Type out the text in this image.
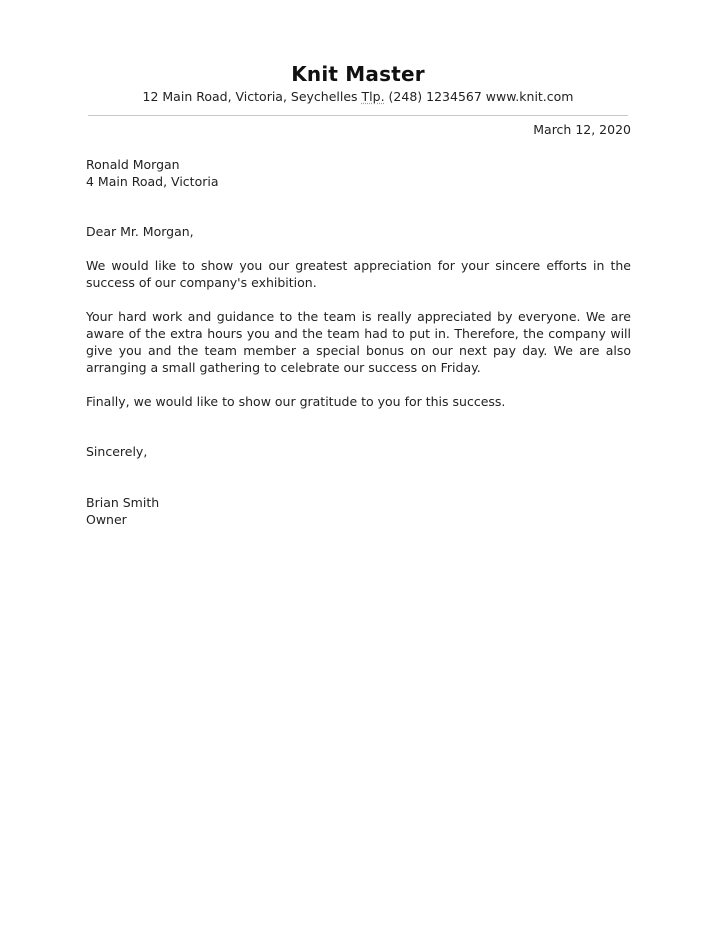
Knit Master
12 Main Road, Victoria, Seychelles Tlp. (248) 1234567 www.knit.com
March 12, 2020
Ronald Morgan
4 Main Road, Victoria
Dear Mr. Morgan,
We would like to show you our greatest appreciation for your sincere efforts in the success of our company's exhibition.
Your hard work and guidance to the team is really appreciated by everyone. We are aware of the extra hours you and the team had to put in. Therefore, the company will give you and the team member a special bonus on our next pay day. We are also arranging a small gathering to celebrate our success on Friday.
Finally, we would like to show our gratitude to you for this success.
Sincerely,
Brian Smith
Owner
